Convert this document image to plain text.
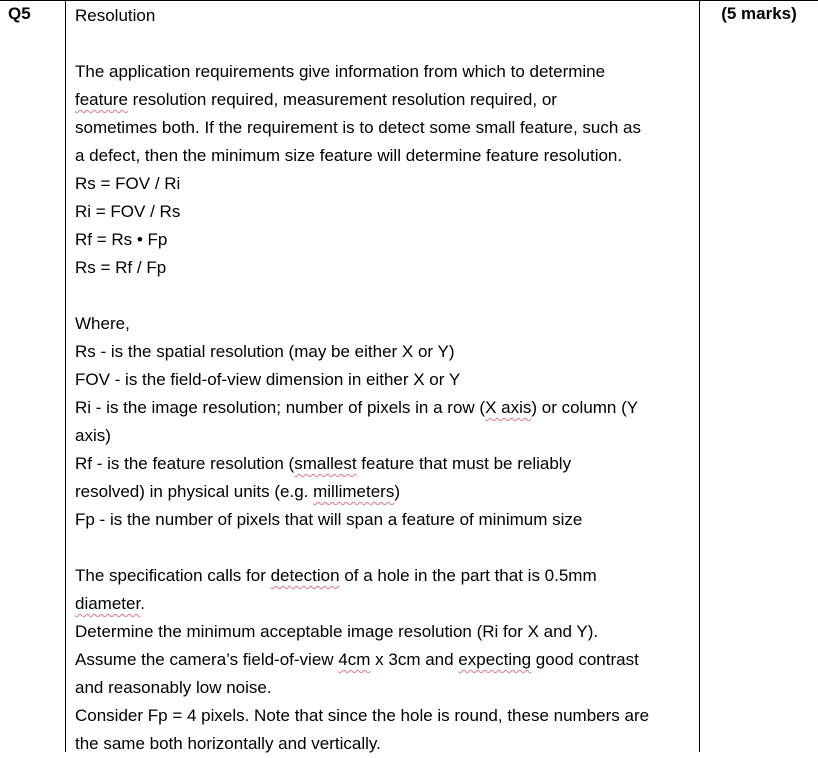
Q5	(5 marks)

Resolution

The application requirements give information from which to determine

feature resolution required, measurement resolution required, or

sometimes both. If the requirement is to detect some small feature, such as

a defect, then the minimum size feature will determine feature resolution.

Rs = FOV / Ri

Ri = FOV / Rs

Rf = Rs • Fp

Rs = Rf / Fp

Where,

Rs - is the spatial resolution (may be either X or Y)

FOV - is the field-of-view dimension in either X or Y

Ri - is the image resolution; number of pixels in a row (X axis) or column (Y

axis)

Rf - is the feature resolution (smallest feature that must be reliably

resolved) in physical units (e.g. millimeters)

Fp - is the number of pixels that will span a feature of minimum size

The specification calls for detection of a hole in the part that is 0.5mm

diameter.

Determine the minimum acceptable image resolution (Ri for X and Y).

Assume the camera’s field-of-view 4cm x 3cm and expecting good contrast

and reasonably low noise.

Consider Fp = 4 pixels. Note that since the hole is round, these numbers are

the same both horizontally and vertically.
